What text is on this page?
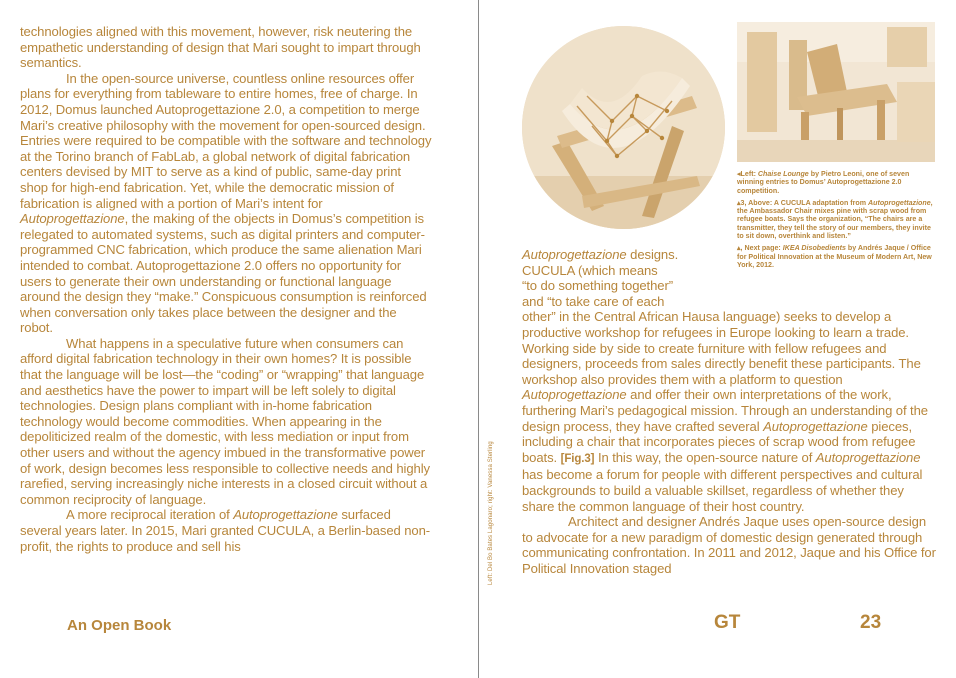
technologies aligned with this movement, however, risk neutering the empathetic understanding of design that Mari sought to impart through semantics.

In the open-source universe, countless online resources offer plans for everything from tableware to entire homes, free of charge. In 2012, Domus launched Autoprogettazione 2.0, a competition to merge Mari’s creative philosophy with the movement for open-sourced design. Entries were required to be compatible with the software and technology at the Torino branch of FabLab, a global network of digital fabrication centers devised by MIT to serve as a kind of public, same-day print shop for high-end fabrication. Yet, while the democratic mission of fabrication is aligned with a portion of Mari’s intent for Autoprogettazione, the making of the objects in Domus’s competition is relegated to automated systems, such as digital printers and computer-programmed CNC fabrication, which produce the same alienation Mari intended to combat. Autoprogettazione 2.0 offers no opportunity for users to generate their own understanding or functional language around the design they “make.” Conspicuous consumption is reinforced when conversation only takes place between the designer and the robot.

What happens in a speculative future when consumers can afford digital fabrication technology in their own homes? It is possible that the language will be lost—the “coding” or “wrapping” that language and aesthetics have the power to impart will be left solely to digital technologies. Design plans compliant with in-home fabrication technology would become commodities. When appearing in the depoliticized realm of the domestic, with less mediation or input from other users and without the agency imbued in the transformative power of work, design becomes less responsible to collective needs and highly rarefied, serving increasingly niche interests in a closed circuit without a common reciprocity of language.

A more reciprocal iteration of Autoprogettazione surfaced several years later. In 2015, Mari granted CUCULA, a Berlin-based non-profit, the rights to produce and sell his	Left: Del Bo Bates Lagonaro; right: Vanessa Sterling
An Open Book

◂Left: Chaise Lounge by Pietro Leoni, one of seven winning entries to Domus’ Autoprogettazione 2.0 competition.

▴3, Above: A CUCULA adaptation from Autoprogettazione, the Ambassador Chair mixes pine with scrap wood from refugee boats. Says the organization, “The chairs are a transmitter, they tell the story of our members, they invite to sit down, overthink and listen.”

▴, Next page: IKEA Disobedients by Andrés Jaque / Office for Political Innovation at the Museum of Modern Art, New York, 2012.

Autoprogettazione designs.

CUCULA (which means

“to do something together”

and “to take care of each

other” in the Central African Hausa language) seeks to develop a productive workshop for refugees in Europe looking to learn a trade. Working side by side to create furniture with fellow refugees and designers, proceeds from sales directly benefit these participants. The workshop also provides them with a platform to question Autoprogettazione and offer their own interpretations of the work, furthering Mari’s pedagogical mission. Through an understanding of the design process, they have crafted several Autoprogettazione pieces, including a chair that incorporates pieces of scrap wood from refugee boats. [Fig.3] In this way, the open-source nature of Autoprogettazione has become a forum for people with different perspectives and cultural backgrounds to build a valuable skillset, regardless of whether they share the common language of their host country.

Architect and designer Andrés Jaque uses open-source design to advocate for a new paradigm of domestic design generated through communicating confrontation. In 2011 and 2012, Jaque and his Office for Political Innovation staged

GT	23
